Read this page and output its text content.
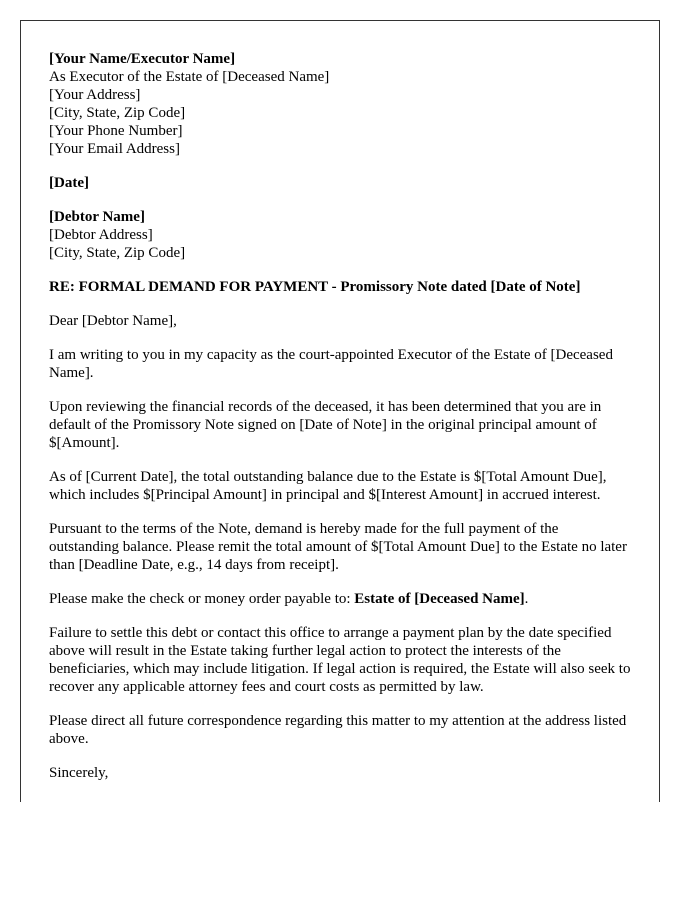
[Your Name/Executor Name]
As Executor of the Estate of [Deceased Name]
[Your Address]
[City, State, Zip Code]
[Your Phone Number]
[Your Email Address]

[Date]

[Debtor Name]
[Debtor Address]
[City, State, Zip Code]

RE: FORMAL DEMAND FOR PAYMENT - Promissory Note dated [Date of Note]

Dear [Debtor Name],

I am writing to you in my capacity as the court-appointed Executor of the Estate of [Deceased Name].

Upon reviewing the financial records of the deceased, it has been determined that you are in default of the Promissory Note signed on [Date of Note] in the original principal amount of $[Amount].

As of [Current Date], the total outstanding balance due to the Estate is $[Total Amount Due], which includes $[Principal Amount] in principal and $[Interest Amount] in accrued interest.

Pursuant to the terms of the Note, demand is hereby made for the full payment of the outstanding balance. Please remit the total amount of $[Total Amount Due] to the Estate no later than [Deadline Date, e.g., 14 days from receipt].

Please make the check or money order payable to: Estate of [Deceased Name].

Failure to settle this debt or contact this office to arrange a payment plan by the date specified above will result in the Estate taking further legal action to protect the interests of the beneficiaries, which may include litigation. If legal action is required, the Estate will also seek to recover any applicable attorney fees and court costs as permitted by law.

Please direct all future correspondence regarding this matter to my attention at the address listed above.

Sincerely,
